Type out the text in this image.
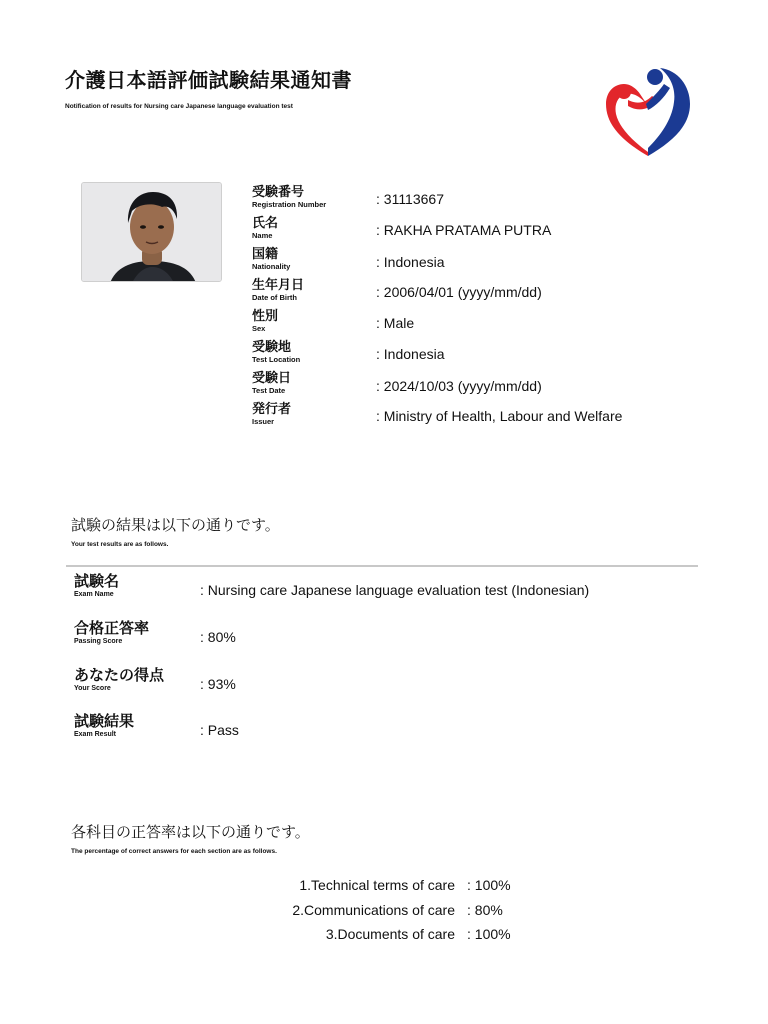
介護日本語評価試験結果通知書
Notification of results for Nursing care Japanese language evaluation test
受験番号
Registration Number	: 31113667
氏名
Name	: RAKHA PRATAMA PUTRA
国籍
Nationality	: Indonesia
生年月日
Date of Birth	: 2006/04/01 (yyyy/mm/dd)
性別
Sex	: Male
受験地
Test Location	: Indonesia
受験日
Test Date	: 2024/10/03 (yyyy/mm/dd)
発行者
Issuer	: Ministry of Health, Labour and Welfare
試験の結果は以下の通りです。
Your test results are as follows.
試験名
Exam Name	: Nursing care Japanese language evaluation test (Indonesian)
合格正答率
Passing Score	: 80%
あなたの得点
Your Score	: 93%
試験結果
Exam Result	: Pass
各科目の正答率は以下の通りです。
The percentage of correct answers for each section are as follows.
1.Technical terms of care : 100%
2.Communications of care : 80%
3.Documents of care : 100%
